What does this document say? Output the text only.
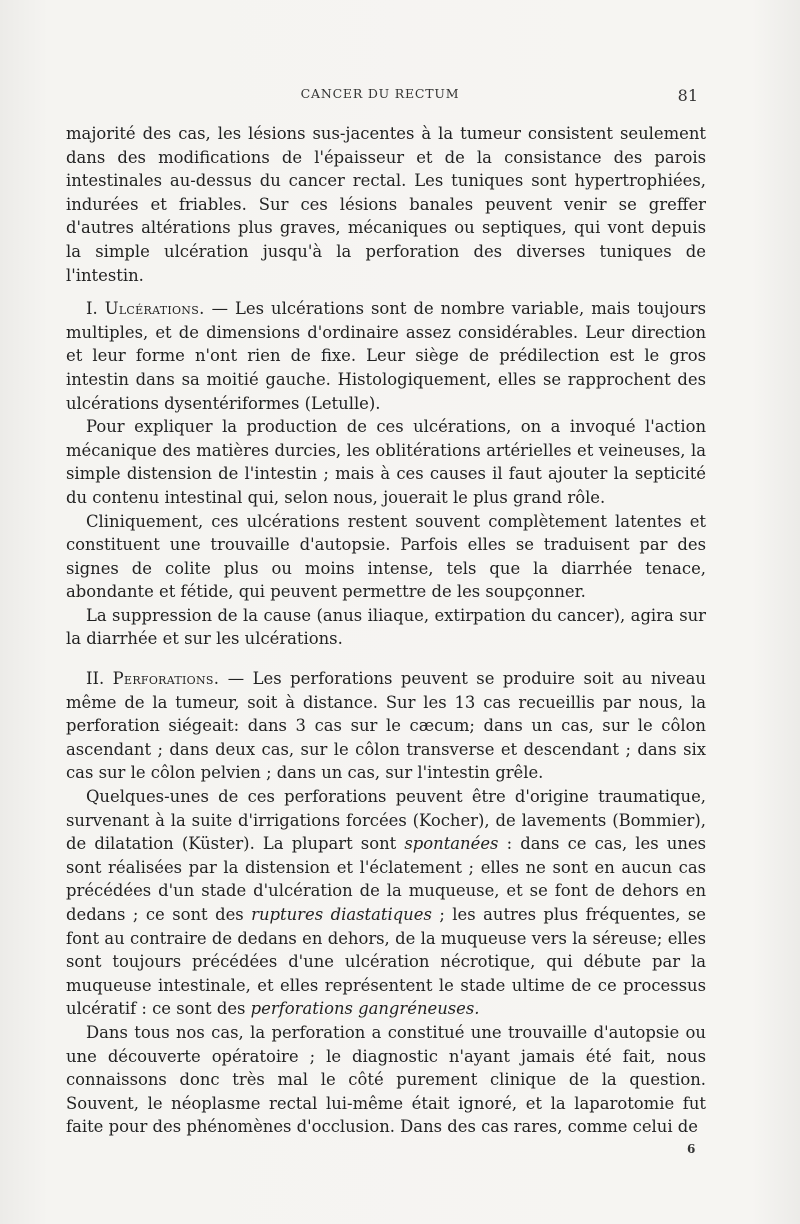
CANCER DU RECTUM	81

majorité des cas, les lésions sus-jacentes à la tumeur consistent seulement dans des modifications de l'épaisseur et de la consistance des parois intestinales au-dessus du cancer rectal. Les tuniques sont hypertrophiées, indurées et friables. Sur ces lésions banales peuvent venir se greffer d'autres altérations plus graves, mécaniques ou septiques, qui vont depuis la simple ulcération jusqu'à la perforation des diverses tuniques de l'intestin.

I. Ulcérations. — Les ulcérations sont de nombre variable, mais toujours multiples, et de dimensions d'ordinaire assez considérables. Leur direction et leur forme n'ont rien de fixe. Leur siège de prédilection est le gros intestin dans sa moitié gauche. Histologiquement, elles se rapprochent des ulcérations dysentériformes (Letulle).

Pour expliquer la production de ces ulcérations, on a invoqué l'action mécanique des matières durcies, les oblitérations artérielles et veineuses, la simple distension de l'intestin ; mais à ces causes il faut ajouter la septicité du contenu intestinal qui, selon nous, jouerait le plus grand rôle.

Cliniquement, ces ulcérations restent souvent complètement latentes et constituent une trouvaille d'autopsie. Parfois elles se traduisent par des signes de colite plus ou moins intense, tels que la diarrhée tenace, abondante et fétide, qui peuvent permettre de les soupçonner.

La suppression de la cause (anus iliaque, extirpation du cancer), agira sur la diarrhée et sur les ulcérations.

II. Perforations. — Les perforations peuvent se produire soit au niveau même de la tumeur, soit à distance. Sur les 13 cas recueillis par nous, la perforation siégeait: dans 3 cas sur le cæcum; dans un cas, sur le côlon ascendant ; dans deux cas, sur le côlon transverse et descendant ; dans six cas sur le côlon pelvien ; dans un cas, sur l'intestin grêle.

Quelques-unes de ces perforations peuvent être d'origine traumatique, survenant à la suite d'irrigations forcées (Kocher), de lavements (Bommier), de dilatation (Küster). La plupart sont spontanées : dans ce cas, les unes sont réalisées par la distension et l'éclatement ; elles ne sont en aucun cas précédées d'un stade d'ulcération de la muqueuse, et se font de dehors en dedans ; ce sont des ruptures diastatiques ; les autres plus fréquentes, se font au contraire de dedans en dehors, de la muqueuse vers la séreuse; elles sont toujours précédées d'une ulcération nécrotique, qui débute par la muqueuse intestinale, et elles représentent le stade ultime de ce processus ulcératif : ce sont des perforations gangréneuses.

Dans tous nos cas, la perforation a constitué une trouvaille d'autopsie ou une découverte opératoire ; le diagnostic n'ayant jamais été fait, nous connaissons donc très mal le côté purement clinique de la question. Souvent, le néoplasme rectal lui-même était ignoré, et la laparotomie fut faite pour des phénomènes d'occlusion. Dans des cas rares, comme celui de

6
